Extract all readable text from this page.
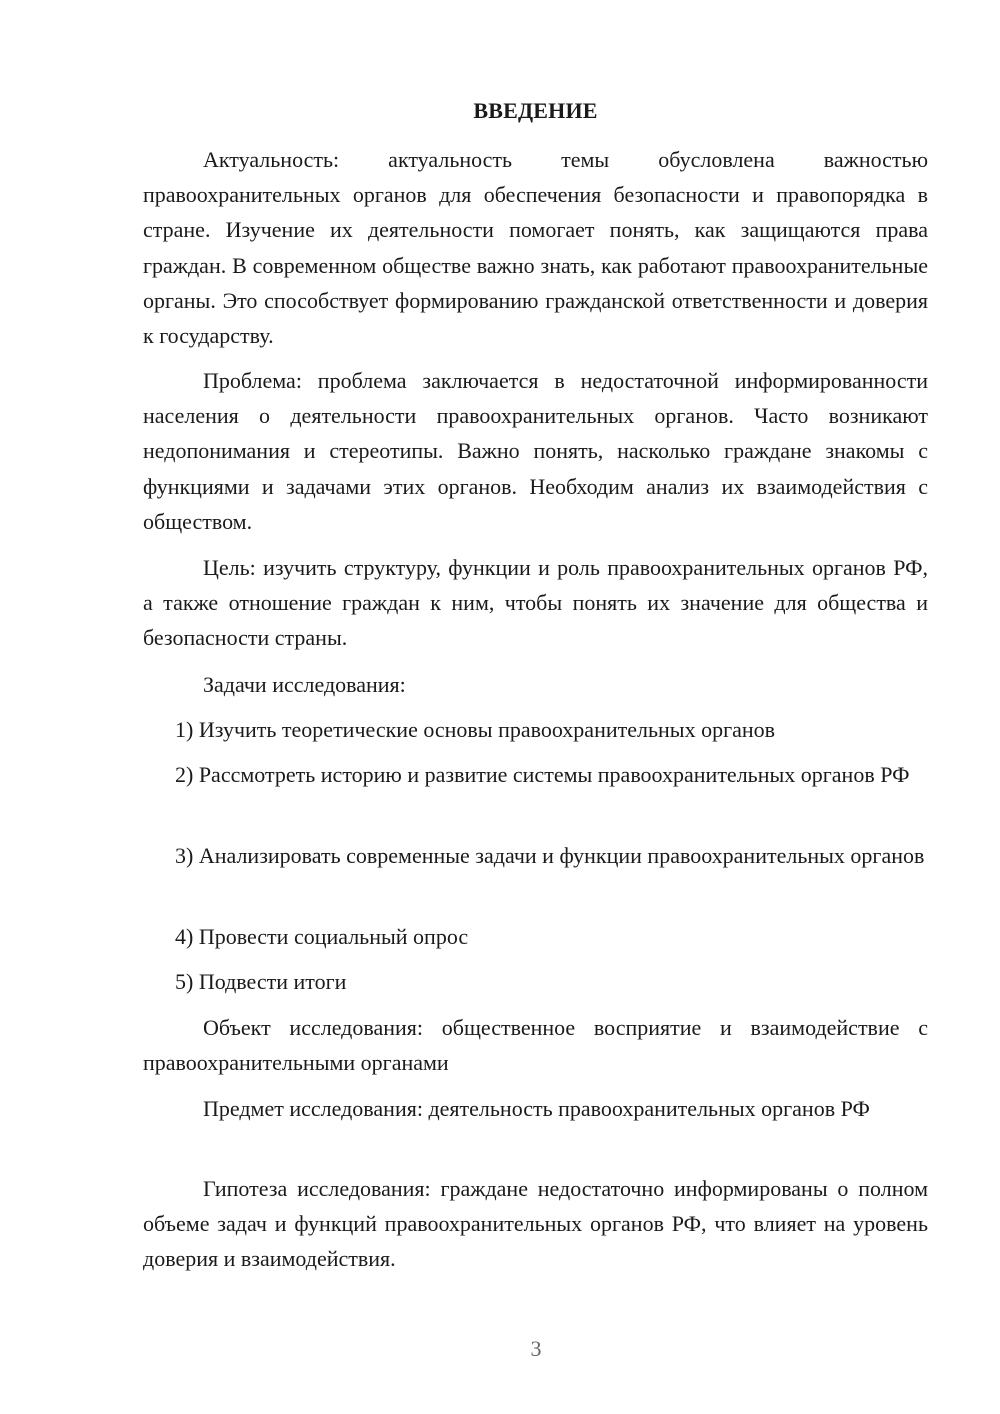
ВВЕДЕНИЕ

Актуальность: актуальность темы обусловлена важностью правоохранительных органов для обеспечения безопасности и правопорядка в стране. Изучение их деятельности помогает понять, как защищаются права граждан. В современном обществе важно знать, как работают правоохранительные органы. Это способствует формированию гражданской ответственности и доверия к государству.

Проблема: проблема заключается в недостаточной информированности населения о деятельности правоохранительных органов. Часто возникают недопонимания и стереотипы. Важно понять, насколько граждане знакомы с функциями и задачами этих органов. Необходим анализ их взаимодействия с обществом.

Цель: изучить структуру, функции и роль правоохранительных органов РФ, а также отношение граждан к ним, чтобы понять их значение для общества и безопасности страны.

Задачи исследования:

1) Изучить теоретические основы правоохранительных органов

2) Рассмотреть историю и развитие системы правоохранительных органов РФ

3) Анализировать современные задачи и функции правоохранительных органов

4) Провести социальный опрос

5) Подвести итоги

Объект исследования: общественное восприятие и взаимодействие с правоохранительными органами

Предмет исследования: деятельность правоохранительных органов РФ

Гипотеза исследования: граждане недостаточно информированы о полном объеме задач и функций правоохранительных органов РФ, что влияет на уровень доверия и взаимодействия.

3
